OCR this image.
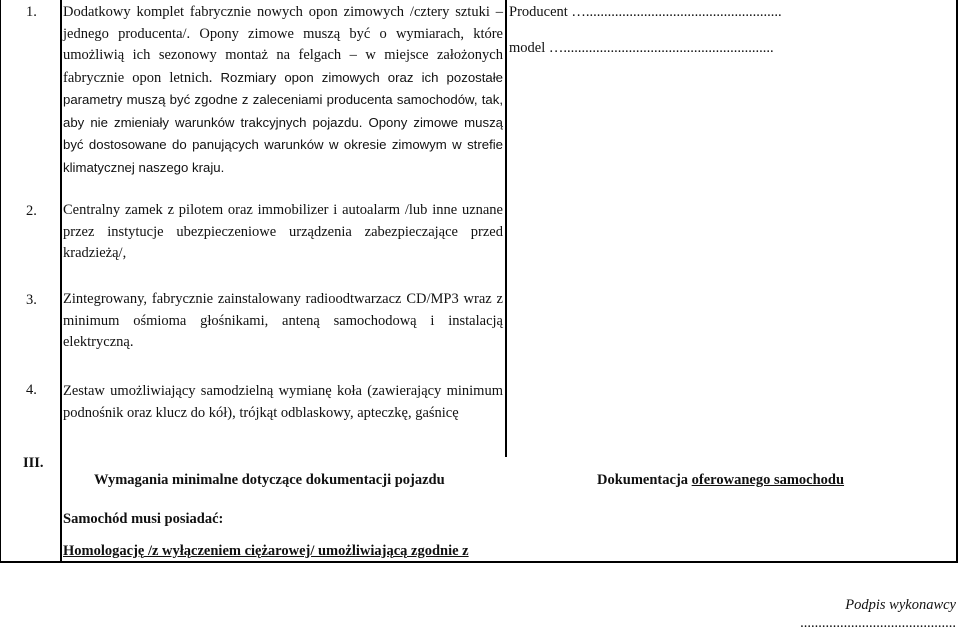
1.	Dodatkowy komplet fabrycznie nowych opon zimowych /cztery sztuki – jednego producenta/. Opony zimowe muszą być o wymiarach, które umożliwią ich sezonowy montaż na felgach – w miejsce założonych fabrycznie opon letnich. Rozmiary opon zimowych oraz ich pozostałe parametry muszą być zgodne z zaleceniami producenta samochodów, tak, aby nie zmieniały warunków trakcyjnych pojazdu. Opony zimowe muszą być dostosowane do panujących warunków w okresie zimowym w strefie klimatycznej naszego kraju.
Producent …......................................................
model …..........................................................
2.	Centralny zamek z pilotem oraz immobilizer i autoalarm /lub inne uznane przez instytucje ubezpieczeniowe urządzenia zabezpieczające przed kradzieżą/,
3.	Zintegrowany, fabrycznie zainstalowany radioodtwarzacz CD/MP3 wraz z minimum ośmioma głośnikami, anteną samochodową i instalacją elektryczną.
4.	Zestaw umożliwiający samodzielną wymianę koła (zawierający minimum podnośnik oraz klucz do kół), trójkąt odblaskowy, apteczkę, gaśnicę
III.
Wymagania minimalne dotyczące dokumentacji pojazdu	Dokumentacja oferowanego samochodu
Samochód musi posiadać:
Homologację /z wyłączeniem ciężarowej/ umożliwiającą zgodnie z
Podpis wykonawcy
...........................................
